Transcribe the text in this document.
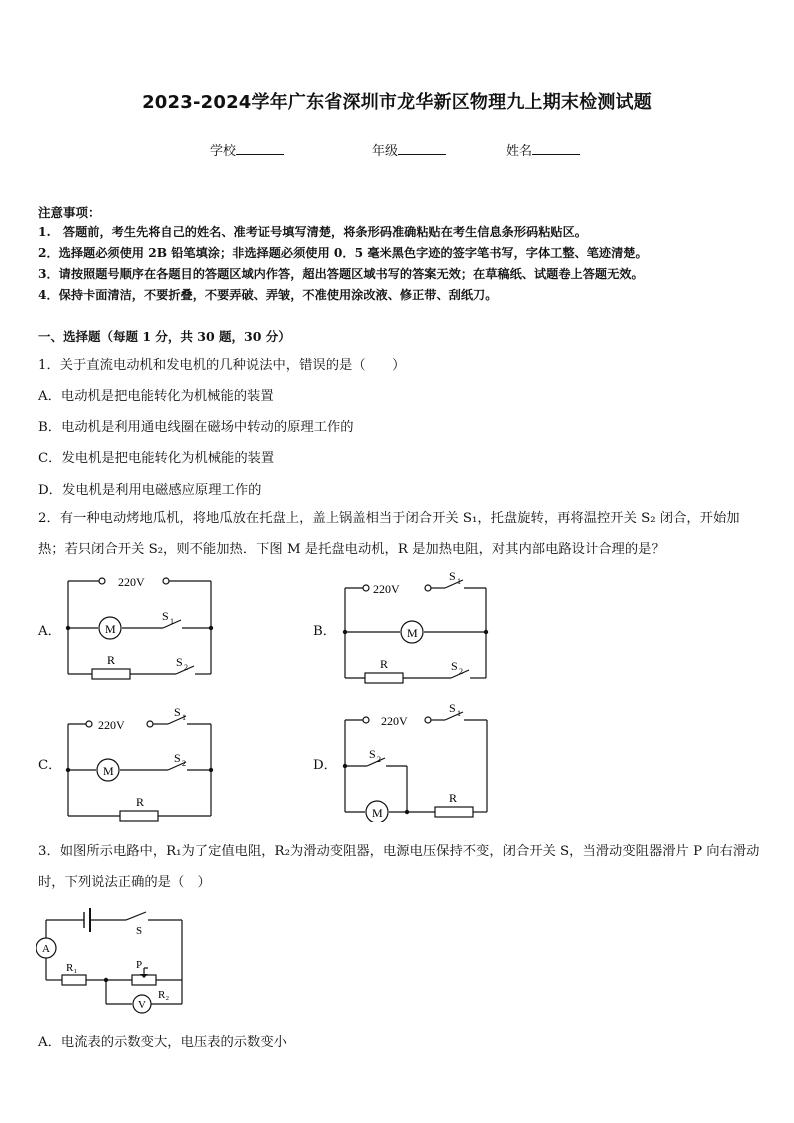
2023-2024学年广东省深圳市龙华新区物理九上期末检测试题
学校	年级	姓名
注意事项：
1.　答题前，考生先将自己的姓名、准考证号填写清楚，将条形码准确粘贴在考生信息条形码粘贴区。
2．选择题必须使用 2B 铅笔填涂；非选择题必须使用 0．5 毫米黑色字迹的签字笔书写，字体工整、笔迹清楚。
3．请按照题号顺序在各题目的答题区域内作答，超出答题区域书写的答案无效；在草稿纸、试题卷上答题无效。
4．保持卡面清洁，不要折叠，不要弄破、弄皱，不准使用涂改液、修正带、刮纸刀。
一、选择题（每题 1 分，共 30 题，30 分）
1．关于直流电动机和发电机的几种说法中，错误的是（　　）
A．电动机是把电能转化为机械能的装置
B．电动机是利用通电线圈在磁场中转动的原理工作的
C．发电机是把电能转化为机械能的装置
D．发电机是利用电磁感应原理工作的
2．有一种电动烤地瓜机，将地瓜放在托盘上，盖上锅盖相当于闭合开关 S₁，托盘旋转，再将温控开关 S₂ 闭合，开始加热；若只闭合开关 S₂，则不能加热．下图 M 是托盘电动机，R 是加热电阻，对其内部电路设计合理的是？
A．	B．
C．	D．
220V
M
S 1
R	S 2
220V
S 1
M
R	S 2
220V
S 1
M
S 2
R
220V
S 1
S 2
M
R
3．如图所示电路中，R₁为了定值电阻，R₂为滑动变阻器，电源电压保持不变，闭合开关 S，当滑动变阻器滑片 P 向右滑动时，下列说法正确的是（　）
A
S
R₁	P
R₂
V
A．电流表的示数变大，电压表的示数变小
